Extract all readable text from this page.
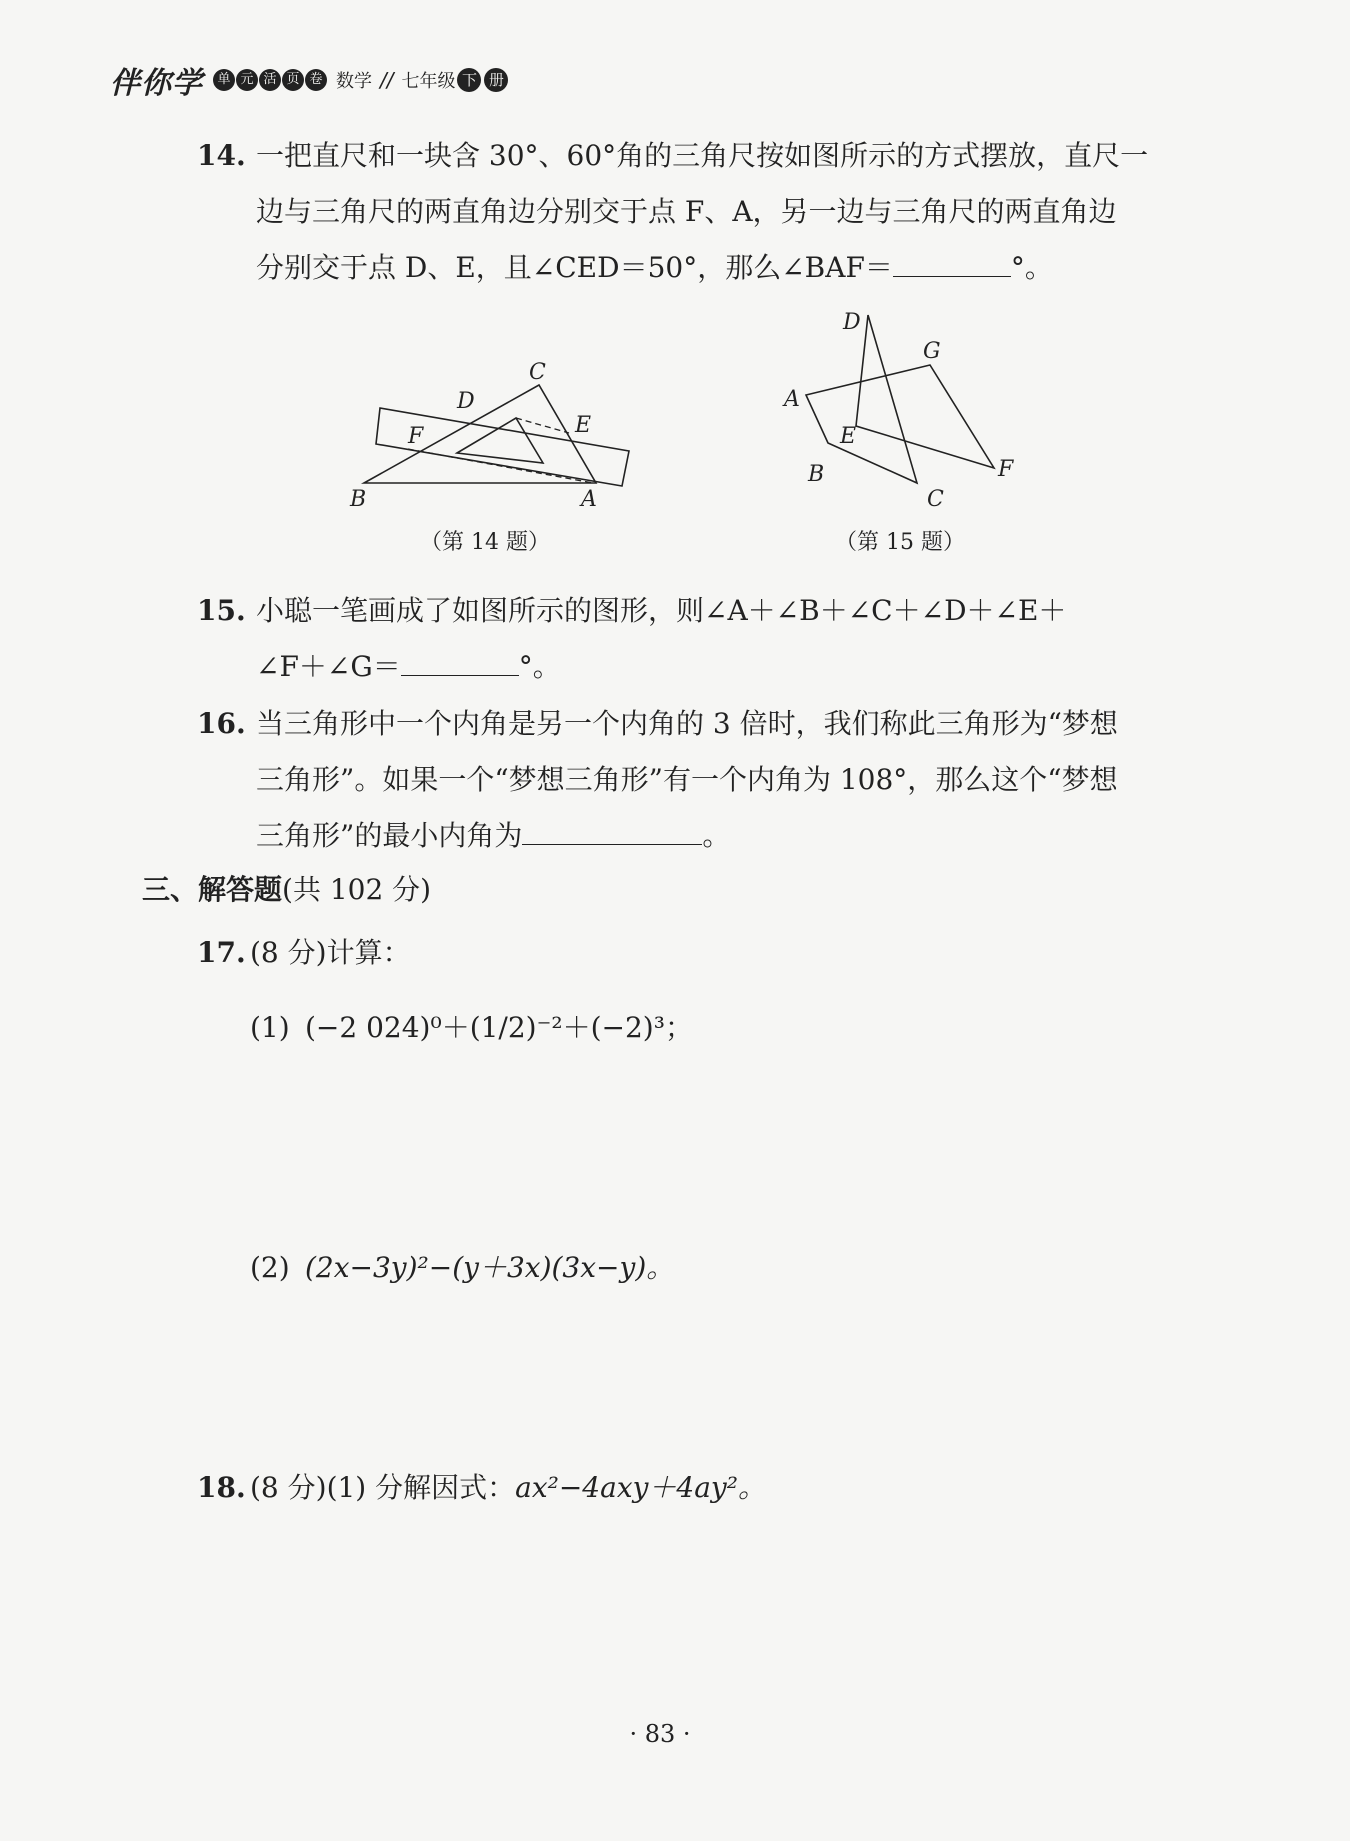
伴你学	单 元 活 页 卷 数学 // 七年级 下 册
14. 一把直尺和一块含 30°、60°角的三角尺按如图所示的方式摆放，直尺一
边与三角尺的两直角边分别交于点 F、A，另一边与三角尺的两直角边
分别交于点 D、E，且∠CED＝50°，那么∠BAF＝	°。
B	A
C
D
E
F
（第 14 题）
D
G
A
E
F
B
C
（第 15 题）
15. 小聪一笔画成了如图所示的图形，则∠A＋∠B＋∠C＋∠D＋∠E＋
∠F＋∠G＝	°。
16. 当三角形中一个内角是另一个内角的 3 倍时，我们称此三角形为“梦想
三角形”。如果一个“梦想三角形”有一个内角为 108°，那么这个“梦想
三角形”的最小内角为	。
三、解答题(共 102 分)
17. (8 分)计算：
(1) (−2 024)⁰＋(1/2)⁻²＋(−2)³；
(2) (2x−3y)²−(y＋3x)(3x−y)。
18. (8 分)(1) 分解因式：ax²−4axy＋4ay²。
· 83 ·
